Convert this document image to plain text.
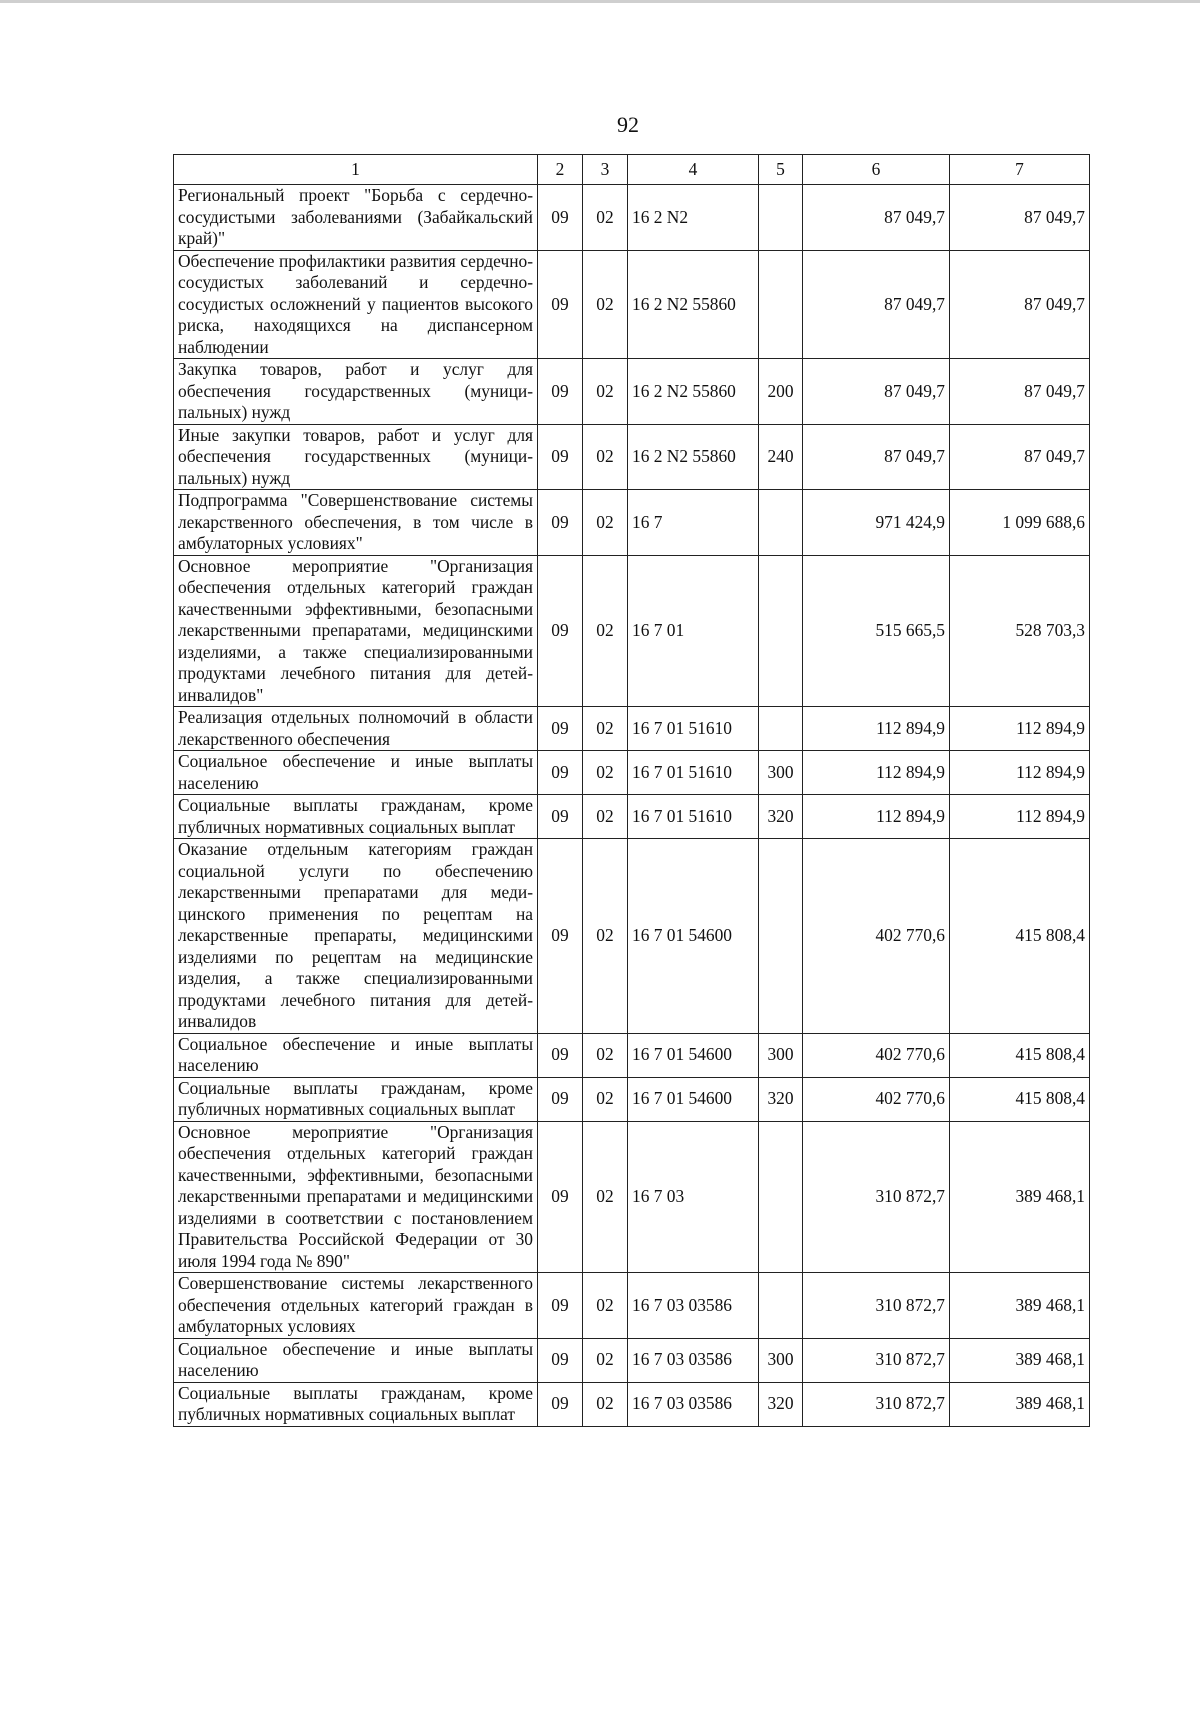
92
1	2	3	4	5	6	7
Региональный проект "Борьба с сердечно-сосудистыми заболеваниями (Забайкальский край)"	09	02	16 2 N2		87 049,7	87 049,7
Обеспечение профилактики развития сердечно-сосудистых заболеваний и сердечно-сосудистых осложнений у пациентов высокого риска, находящихся на диспансерном наблюдении	09	02	16 2 N2 55860		87 049,7	87 049,7
Закупка товаров, работ и услуг для обеспечения государственных (муниципальных) нужд	09	02	16 2 N2 55860	200	87 049,7	87 049,7
Иные закупки товаров, работ и услуг для обеспечения государственных (муниципальных) нужд	09	02	16 2 N2 55860	240	87 049,7	87 049,7
Подпрограмма "Совершенствование системы лекарственного обеспечения, в том числе в амбулаторных условиях"	09	02	16 7		971 424,9	1 099 688,6
Основное мероприятие "Организация обеспечения отдельных категорий граждан качественными эффективными, безопасными лекарственными препаратами, медицинскими изделиями, а также специализированными продуктами лечебного питания для детей-инвалидов"	09	02	16 7 01		515 665,5	528 703,3
Реализация отдельных полномочий в области лекарственного обеспечения	09	02	16 7 01 51610		112 894,9	112 894,9
Социальное обеспечение и иные выплаты населению	09	02	16 7 01 51610	300	112 894,9	112 894,9
Социальные выплаты гражданам, кроме публичных нормативных социальных выплат	09	02	16 7 01 51610	320	112 894,9	112 894,9
Оказание отдельным категориям граждан социальной услуги по обеспечению лекарственными препаратами для медицинского применения по рецептам на лекарственные препараты, медицинскими изделиями по рецептам на медицинские изделия, а также специализированными продуктами лечебного питания для детей-инвалидов	09	02	16 7 01 54600		402 770,6	415 808,4
Социальное обеспечение и иные выплаты населению	09	02	16 7 01 54600	300	402 770,6	415 808,4
Социальные выплаты гражданам, кроме публичных нормативных социальных выплат	09	02	16 7 01 54600	320	402 770,6	415 808,4
Основное мероприятие "Организация обеспечения отдельных категорий граждан качественными, эффективными, безопасными лекарственными препаратами и медицинскими изделиями в соответствии с постановлением Правительства Российской Федерации от 30 июля 1994 года № 890"	09	02	16 7 03		310 872,7	389 468,1
Совершенствование системы лекарственного обеспечения отдельных категорий граждан в амбулаторных условиях	09	02	16 7 03 03586		310 872,7	389 468,1
Социальное обеспечение и иные выплаты населению	09	02	16 7 03 03586	300	310 872,7	389 468,1
Социальные выплаты гражданам, кроме публичных нормативных социальных выплат	09	02	16 7 03 03586	320	310 872,7	389 468,1
